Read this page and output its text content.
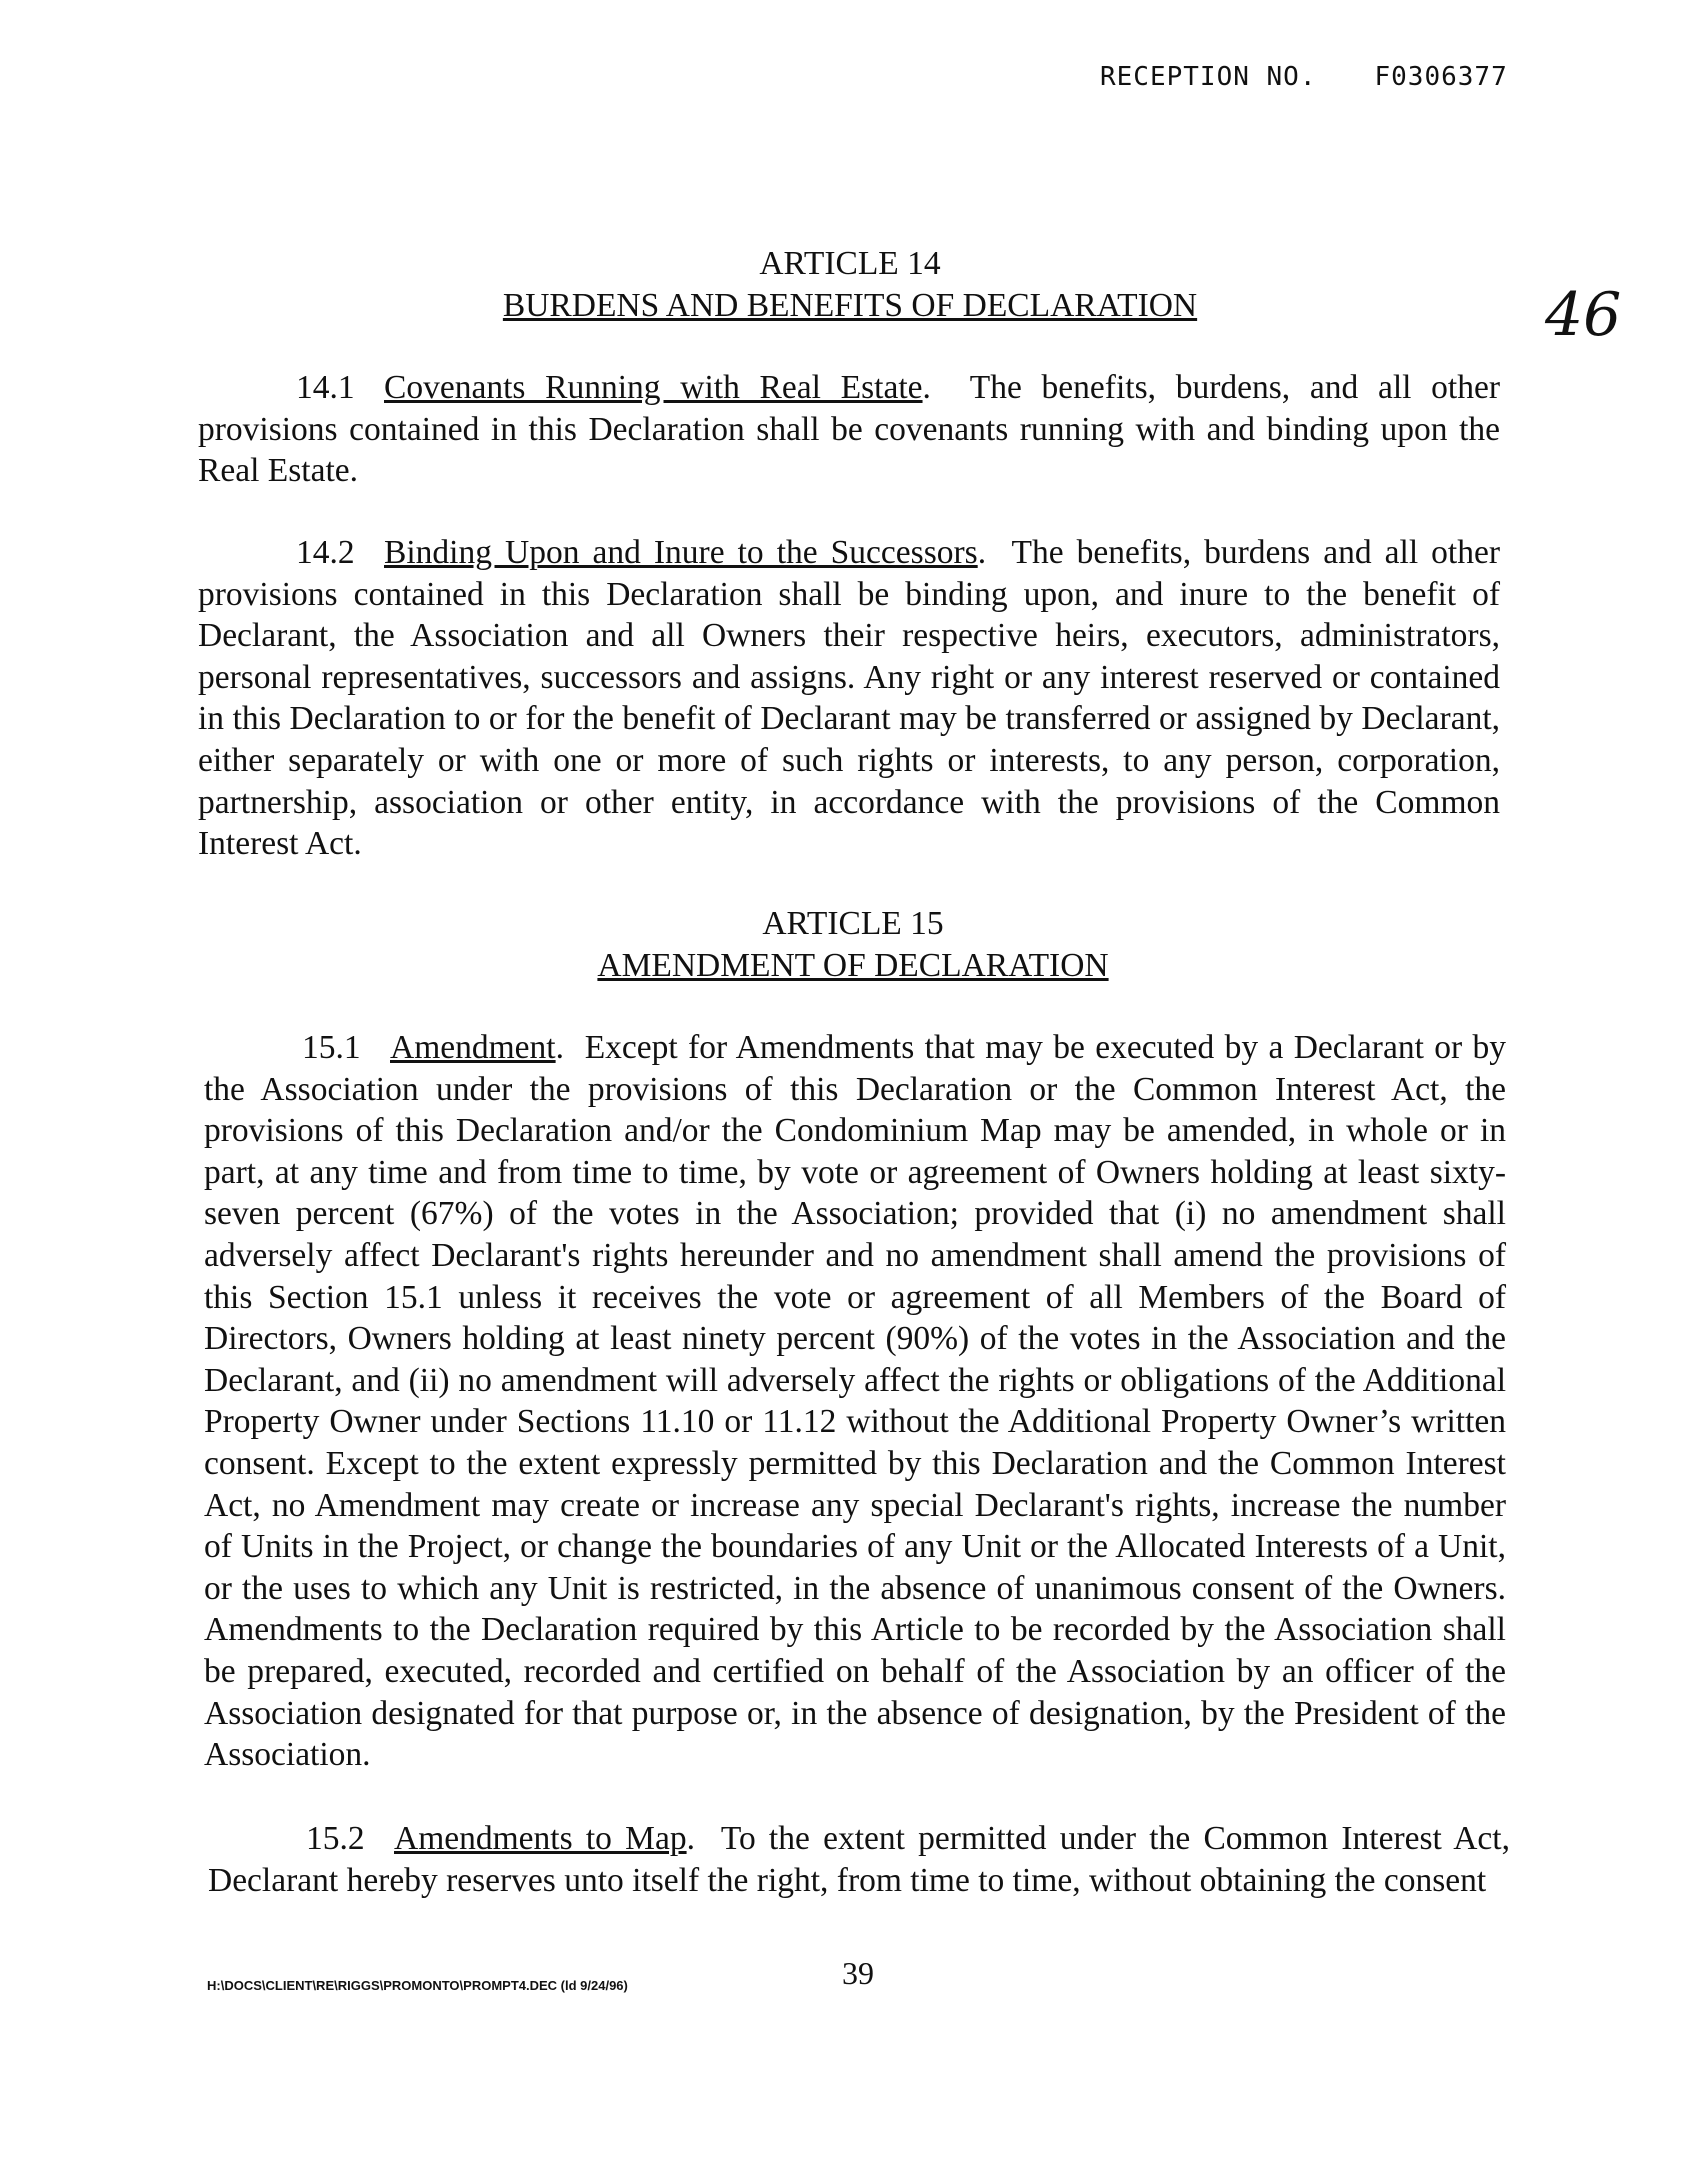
RECEPTION NO. F0306377
46
ARTICLE 14
BURDENS AND BENEFITS OF DECLARATION

14.1 Covenants Running with Real Estate.  The benefits, burdens, and all other provisions contained in this Declaration shall be covenants running with and binding upon the Real Estate.

14.2 Binding Upon and Inure to the Successors.  The benefits, burdens and all other provisions contained in this Declaration shall be binding upon, and inure to the benefit of Declarant, the Association and all Owners their respective heirs, executors, administrators, personal representatives, successors and assigns. Any right or any interest reserved or contained in this Declaration to or for the benefit of Declarant may be transferred or assigned by Declarant, either separately or with one or more of such rights or interests, to any person, corporation, partnership, association or other entity, in accordance with the provisions of the Common Interest Act.

ARTICLE 15
AMENDMENT OF DECLARATION

15.1 Amendment.  Except for Amendments that may be executed by a Declarant or by the Association under the provisions of this Declaration or the Common Interest Act, the provisions of this Declaration and/or the Condominium Map may be amended, in whole or in part, at any time and from time to time, by vote or agreement of Owners holding at least sixty-seven percent (67%) of the votes in the Association; provided that (i) no amendment shall adversely affect Declarant's rights hereunder and no amendment shall amend the provisions of this Section 15.1 unless it receives the vote or agreement of all Members of the Board of Directors, Owners holding at least ninety percent (90%) of the votes in the Association and the Declarant, and (ii) no amendment will adversely affect the rights or obligations of the Additional Property Owner under Sections 11.10 or 11.12 without the Additional Property Owner’s written consent. Except to the extent expressly permitted by this Declaration and the Common Interest Act, no Amendment may create or increase any special Declarant's rights, increase the number of Units in the Project, or change the boundaries of any Unit or the Allocated Interests of a Unit, or the uses to which any Unit is restricted, in the absence of unanimous consent of the Owners. Amendments to the Declaration required by this Article to be recorded by the Association shall be prepared, executed, recorded and certified on behalf of the Association by an officer of the Association designated for that purpose or, in the absence of designation, by the President of the Association.

15.2 Amendments to Map.  To the extent permitted under the Common Interest Act, Declarant hereby reserves unto itself the right, from time to time, without obtaining the consent

H:\DOCS\CLIENT\RE\RIGGS\PROMONTO\PROMPT4.DEC (ld 9/24/96)	39
